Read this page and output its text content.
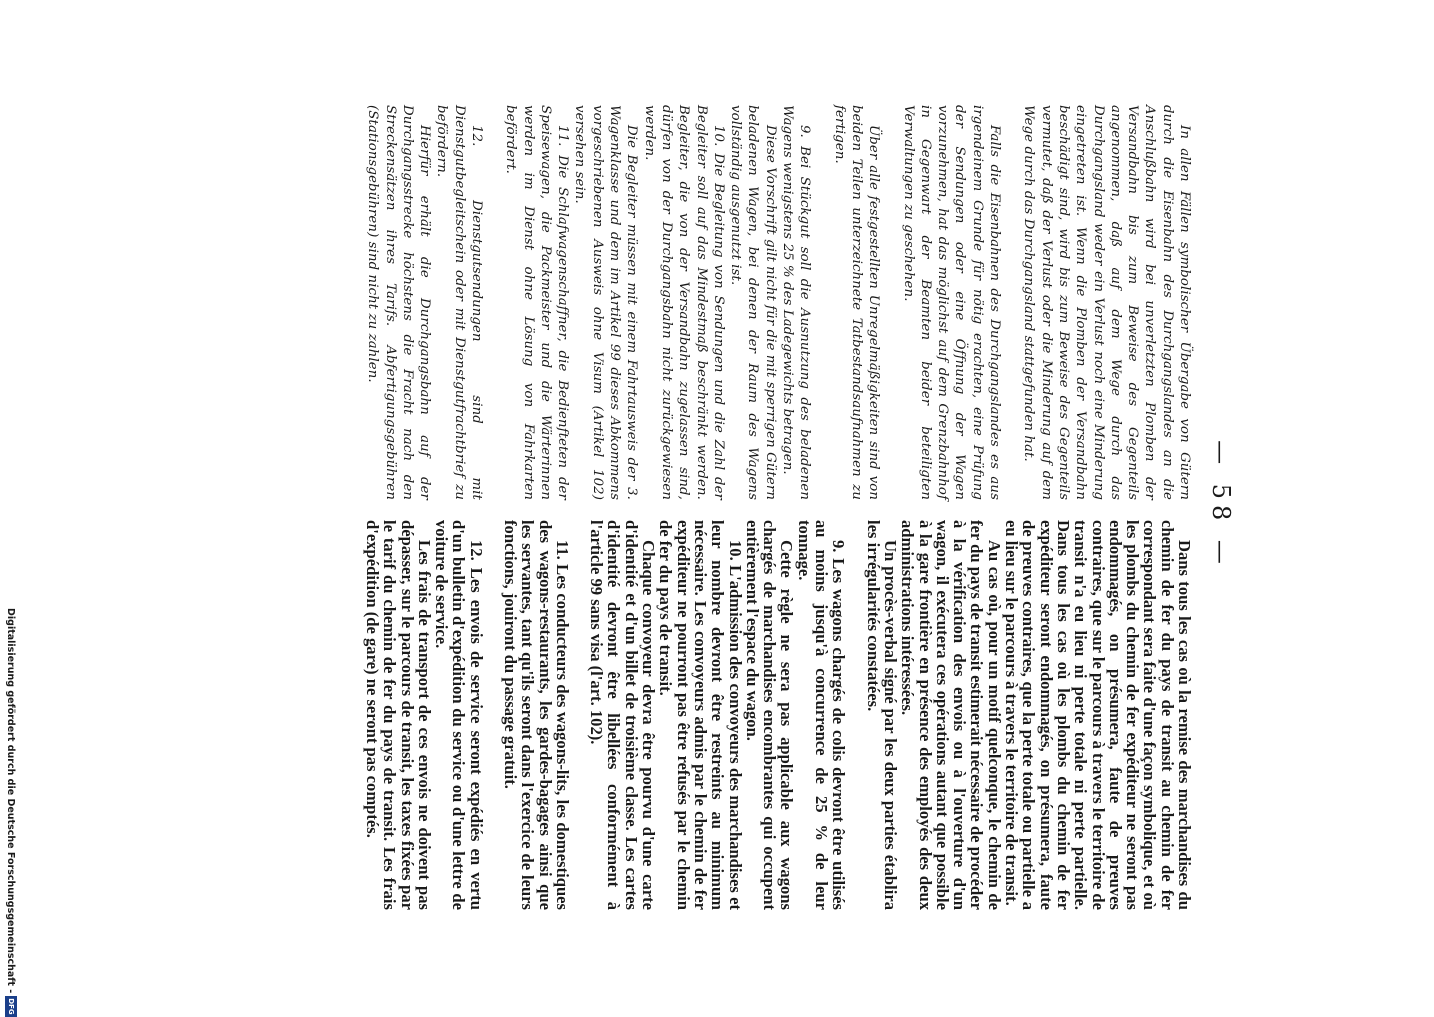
— 58 —

In allen Fällen symbolischer Übergabe von Gütern durch die Eisenbahn des Durchgangslandes an die Anschlußbahn wird bei unverletzten Plomben der Versandbahn bis zum Beweise des Gegenteils angenommen, daß auf dem Wege durch das Durchgangsland weder ein Verlust noch eine Minderung eingetreten ist. Wenn die Plomben der Versandbahn beschädigt sind, wird bis zum Beweise des Gegenteils vermutet, daß der Verlust oder die Minderung auf dem Wege durch das Durchgangsland stattgefunden hat.

Falls die Eisenbahnen des Durchgangslandes es aus irgendeinem Grunde für nötig erachten, eine Prüfung der Sendungen oder eine Öffnung der Wagen vorzunehmen, hat das möglichst auf dem Grenzbahnhof in Gegenwart der Beamten beider beteiligten Verwaltungen zu geschehen.

Über alle festgestellten Unregelmäßigkeiten sind von beiden Teilen unterzeichnete Tatbestandsaufnahmen zu fertigen.

9. Bei Stückgut soll die Ausnutzung des beladenen Wagens wenigstens 25 % des Ladegewichts betragen.

Diese Vorschrift gilt nicht für die mit sperrigen Gütern beladenen Wagen, bei denen der Raum des Wagens vollständig ausgenutzt ist.

10. Die Begleitung von Sendungen und die Zahl der Begleiter soll auf das Mindestmaß beschränkt werden. Begleiter, die von der Versandbahn zugelassen sind, dürfen von der Durchgangsbahn nicht zurückgewiesen werden.

Die Begleiter müssen mit einem Fahrtausweis der 3. Wagenklasse und dem im Artikel 99 dieses Abkommens vorgeschriebenen Ausweis ohne Visum (Artikel 102) versehen sein.

11. Die Schlafwagenschaffner, die Bedienfteten der Speisewagen, die Packmeister und die Wärterinnen werden im Dienst ohne Lösung von Fahrkarten befördert.

12. Dienstgutsendungen sind mit Dienstgutbegleitschein oder mit Dienstgutfrachtbrief zu befördern.

Hierfür erhält die Durchgangsbahn auf der Durchgangsstrecke höchstens die Fracht nach den Streckensätzen ihres Tarifs. Abfertigungsgebühren (Stationsgebühren) sind nicht zu zahlen.

Dans tous les cas où la remise des marchandises du chemin de fer du pays de transit au chemin de fer correspondant sera faite d'une façon symbolique, et où les plombs du chemin de fer expéditeur ne seront pas endommagés, on présumera, faute de preuves contraires, que sur le parcours à travers le territoire de transit n'a eu lieu ni perte totale ni perte partielle. Dans tous les cas où les plombs du chemin de fer expéditeur seront endommagés, on présumera, faute de preuves contraires, que la perte totale ou partielle a eu lieu sur le parcours à travers le territoire de transit.

Au cas où, pour un motif quelconque, le chemin de fer du pays de transit estimerait nécessaire de procéder à la vérification des envois ou à l'ouverture d'un wagon, il exécutera ces opérations autant que possible à la gare frontière en présence des employés des deux administrations intéressées.

Un procès-verbal signé par les deux parties établira les irrégularités constatées.

9. Les wagons chargés de colis devront être utilisés au moins jusqu'à concurrence de 25 % de leur tonnage.

Cette règle ne sera pas applicable aux wagons chargés de marchandises encombrantes qui occupent entièrement l'espace du wagon.

10. L'admission des convoyeurs des marchandises et leur nombre devront être restreints au minimum nécessaire. Les convoyeurs admis par le chemin de fer expéditeur ne pourront pas être refusés par le chemin de fer du pays de transit.

Chaque convoyeur devra être pourvu d'une carte d'identité et d'un billet de troisième classe. Les cartes d'identité devront être libellées conformément à l'article 99 sans visa (l'art. 102).

11. Les conducteurs des wagons-lits, les domestiques des wagons-restaurants, les gardes-bagages ainsi que les servantes, tant qu'ils seront dans l'exercice de leurs fonctions, jouiront du passage gratuit.

12. Les envois de service seront expédiés en vertu d'un bulletin d'expédition du service ou d'une lettre de voiture de service.

Les frais de transport de ces envois ne doivent pas dépasser, sur le parcours de transit, les taxes fixées par le tarif du chemin de fer du pays de transit. Les frais d'expédition (de gare) ne seront pas comptés.

Digitalisierung gefördert durch die Deutsche Forschungsgemeinschaft -
DFG
